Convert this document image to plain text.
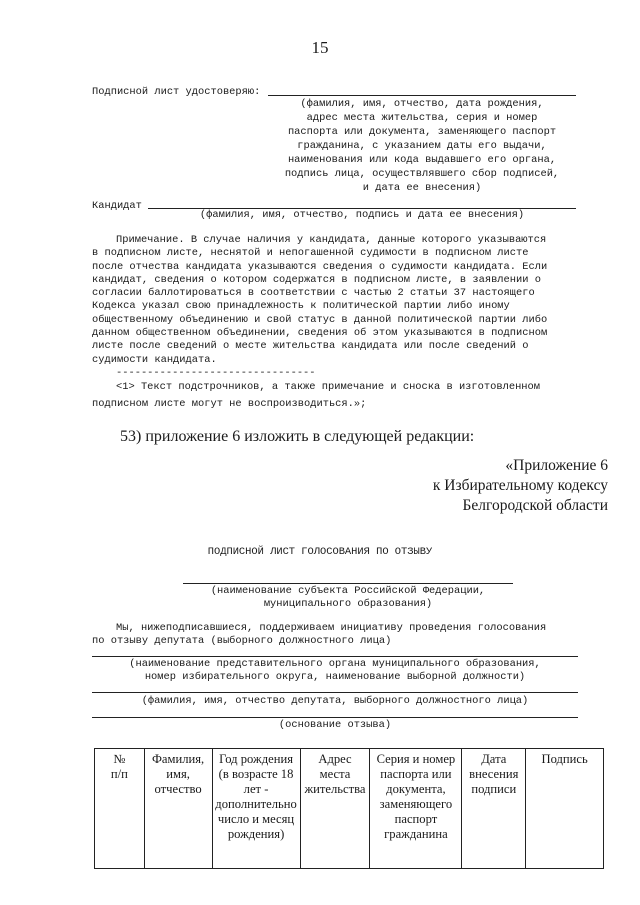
15
Подписной лист удостоверяю:
(фамилия, имя, отчество, дата рождения,
адрес места жительства, серия и номер
паспорта или документа, заменяющего паспорт
гражданина, с указанием даты его выдачи,
наименования или кода выдавшего его органа,
подпись лица, осуществлявшего сбор подписей,
и дата ее внесения)
Кандидат
(фамилия, имя, отчество, подпись и дата ее внесения)
Примечание. В случае наличия у кандидата, данные которого указываются
в подписном листе, неснятой и непогашенной судимости в подписном листе
после отчества кандидата указываются сведения о судимости кандидата. Если
кандидат, сведения о котором содержатся в подписном листе, в заявлении о
согласии баллотироваться в соответствии с частью 2 статьи 37 настоящего
Кодекса указал свою принадлежность к политической партии либо иному
общественному объединению и свой статус в данной политической партии либо
данном общественном объединении, сведения об этом указываются в подписном
листе после сведений о месте жительства кандидата или после сведений о
судимости кандидата.
--------------------------------
<1> Текст подстрочников, а также примечание и сноска в изготовленном
подписном листе могут не воспроизводиться.»;
53) приложение 6 изложить в следующей редакции:
«Приложение 6
к Избирательному кодексу
Белгородской области
ПОДПИСНОЙ ЛИСТ ГОЛОСОВАНИЯ ПО ОТЗЫВУ
(наименование субъекта Российской Федерации,
муниципального образования)
Мы, нижеподписавшиеся, поддерживаем инициативу проведения голосования
по отзыву депутата (выборного должностного лица)
(наименование представительного органа муниципального образования,
номер избирательного округа, наименование выборной должности)
(фамилия, имя, отчество депутата, выборного должностного лица)
(основание отзыва)
№
п/п

Фамилия,
имя,
отчество

Год рождения
(в возрасте 18
лет -
дополнительно
число и месяц
рождения)

Адрес места
жительства

Серия и номер
паспорта или
документа,
заменяющего
паспорт
гражданина

Дата
внесения
подписи

Подпись
